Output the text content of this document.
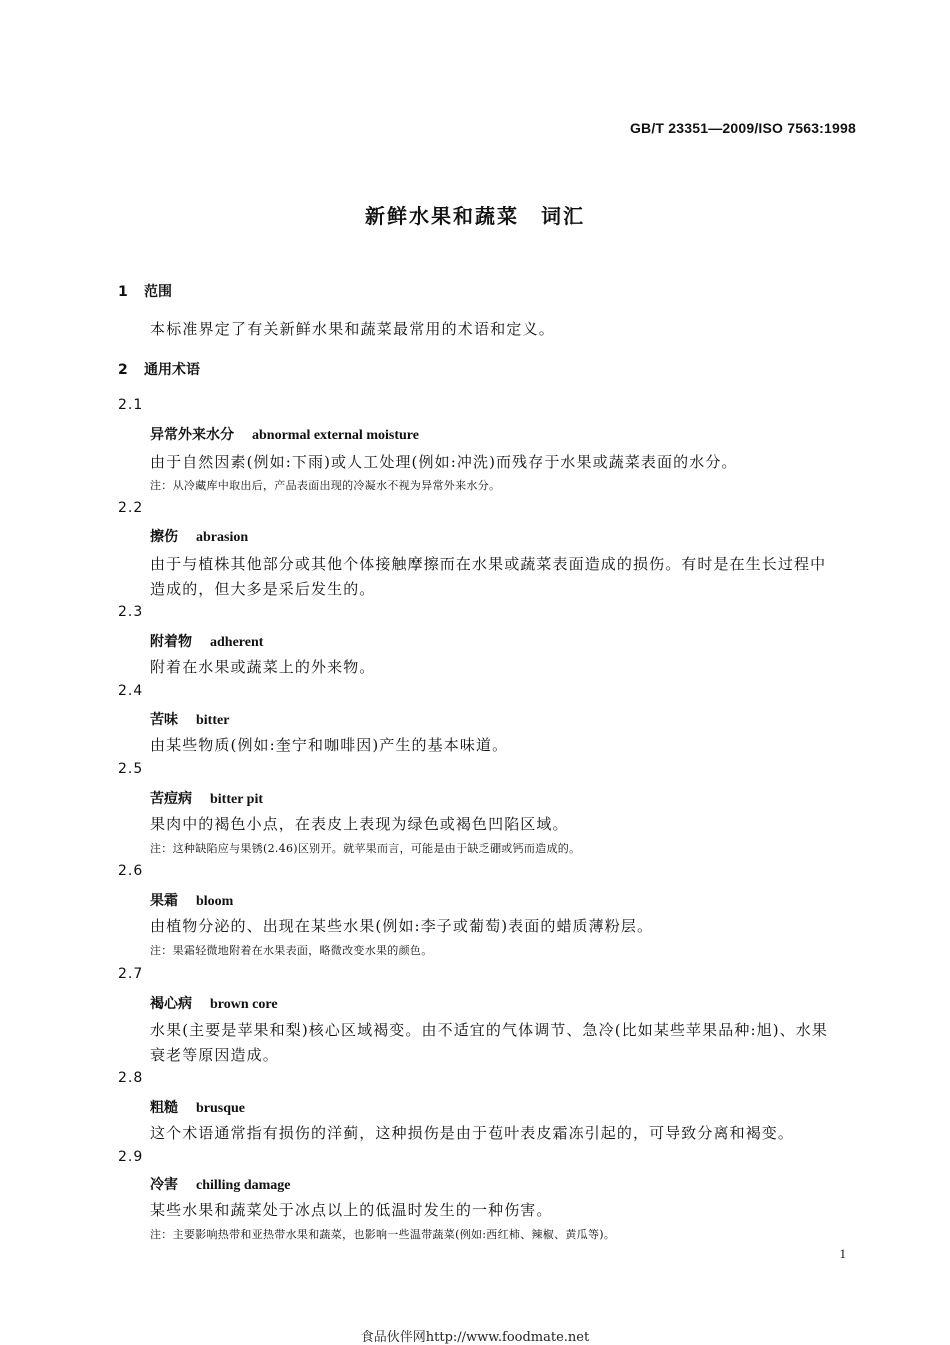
GB/T 23351—2009/ISO 7563:1998
新鲜水果和蔬菜　词汇
1 范围
本标准界定了有关新鲜水果和蔬菜最常用的术语和定义。
2 通用术语
2.1
异常外来水分 abnormal external moisture
由于自然因素(例如:下雨)或人工处理(例如:冲洗)而残存于水果或蔬菜表面的水分。
注：从冷藏库中取出后，产品表面出现的冷凝水不视为异常外来水分。
2.2
擦伤 abrasion
由于与植株其他部分或其他个体接触摩擦而在水果或蔬菜表面造成的损伤。有时是在生长过程中
造成的，但大多是采后发生的。
2.3
附着物 adherent
附着在水果或蔬菜上的外来物。
2.4
苦味 bitter
由某些物质(例如:奎宁和咖啡因)产生的基本味道。
2.5
苦痘病 bitter pit
果肉中的褐色小点，在表皮上表现为绿色或褐色凹陷区域。
注：这种缺陷应与果锈(2.46)区别开。就苹果而言，可能是由于缺乏硼或钙而造成的。
2.6
果霜 bloom
由植物分泌的、出现在某些水果(例如:李子或葡萄)表面的蜡质薄粉层。
注：果霜轻微地附着在水果表面，略微改变水果的颜色。
2.7
褐心病 brown core
水果(主要是苹果和梨)核心区域褐变。由不适宜的气体调节、急冷(比如某些苹果品种:旭)、水果
衰老等原因造成。
2.8
粗糙 brusque
这个术语通常指有损伤的洋蓟，这种损伤是由于苞叶表皮霜冻引起的，可导致分离和褐变。
2.9
冷害 chilling damage
某些水果和蔬菜处于冰点以上的低温时发生的一种伤害。
注：主要影响热带和亚热带水果和蔬菜，也影响一些温带蔬菜(例如:西红柿、辣椒、黄瓜等)。
1
食品伙伴网http://www.foodmate.net
